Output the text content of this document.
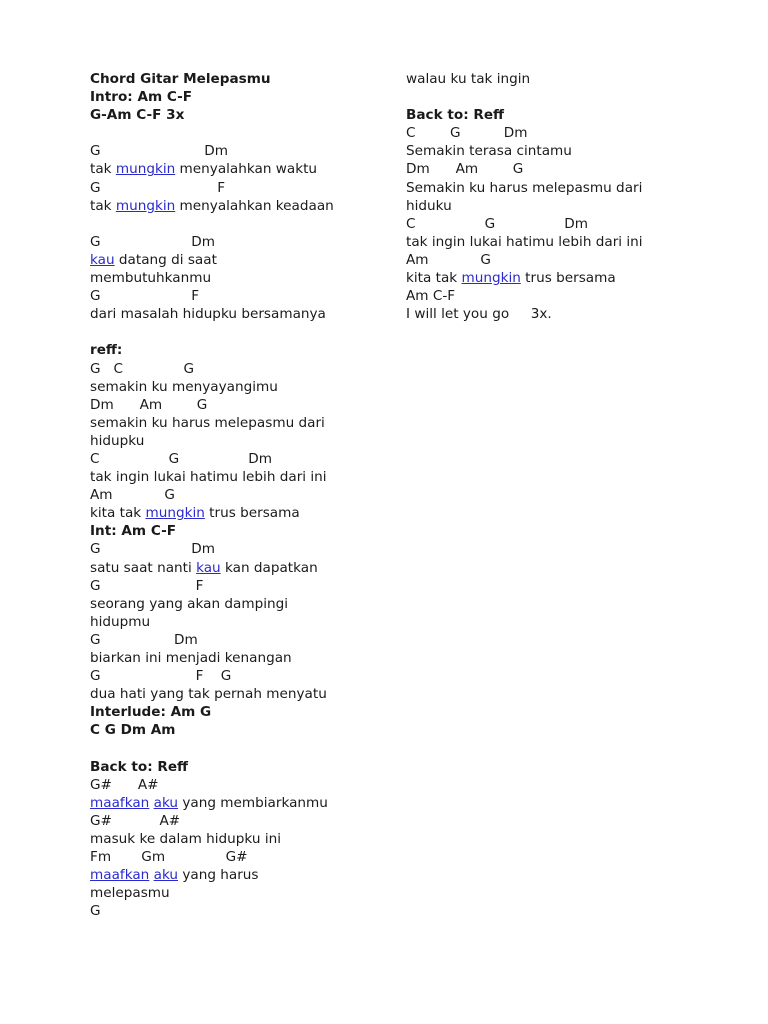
Chord Gitar Melepasmu
Intro: Am C-F
G-Am C-F 3x
G                        Dm
tak mungkin menyalahkan waktu
G                           F
tak mungkin menyalahkan keadaan
G                     Dm
kau datang di saat
membutuhkanmu
G                     F
dari masalah hidupku bersamanya
reff:
G   C              G
semakin ku menyayangimu
Dm      Am        G
semakin ku harus melepasmu dari
hidupku
C                G                Dm
tak ingin lukai hatimu lebih dari ini
Am            G
kita tak mungkin trus bersama
Int: Am C-F
G                     Dm
satu saat nanti kau kan dapatkan
G                      F
seorang yang akan dampingi
hidupmu
G                 Dm
biarkan ini menjadi kenangan
G                      F    G
dua hati yang tak pernah menyatu
Interlude: Am G
C G Dm Am
Back to: Reff
G#      A#
maafkan aku yang membiarkanmu
G#           A#
masuk ke dalam hidupku ini
Fm       Gm              G#
maafkan aku yang harus
melepasmu
G
walau ku tak ingin
Back to: Reff
C        G          Dm
Semakin terasa cintamu
Dm      Am        G
Semakin ku harus melepasmu dari
hiduku
C                G                Dm
tak ingin lukai hatimu lebih dari ini
Am            G
kita tak mungkin trus bersama
Am C-F
I will let you go     3x.
